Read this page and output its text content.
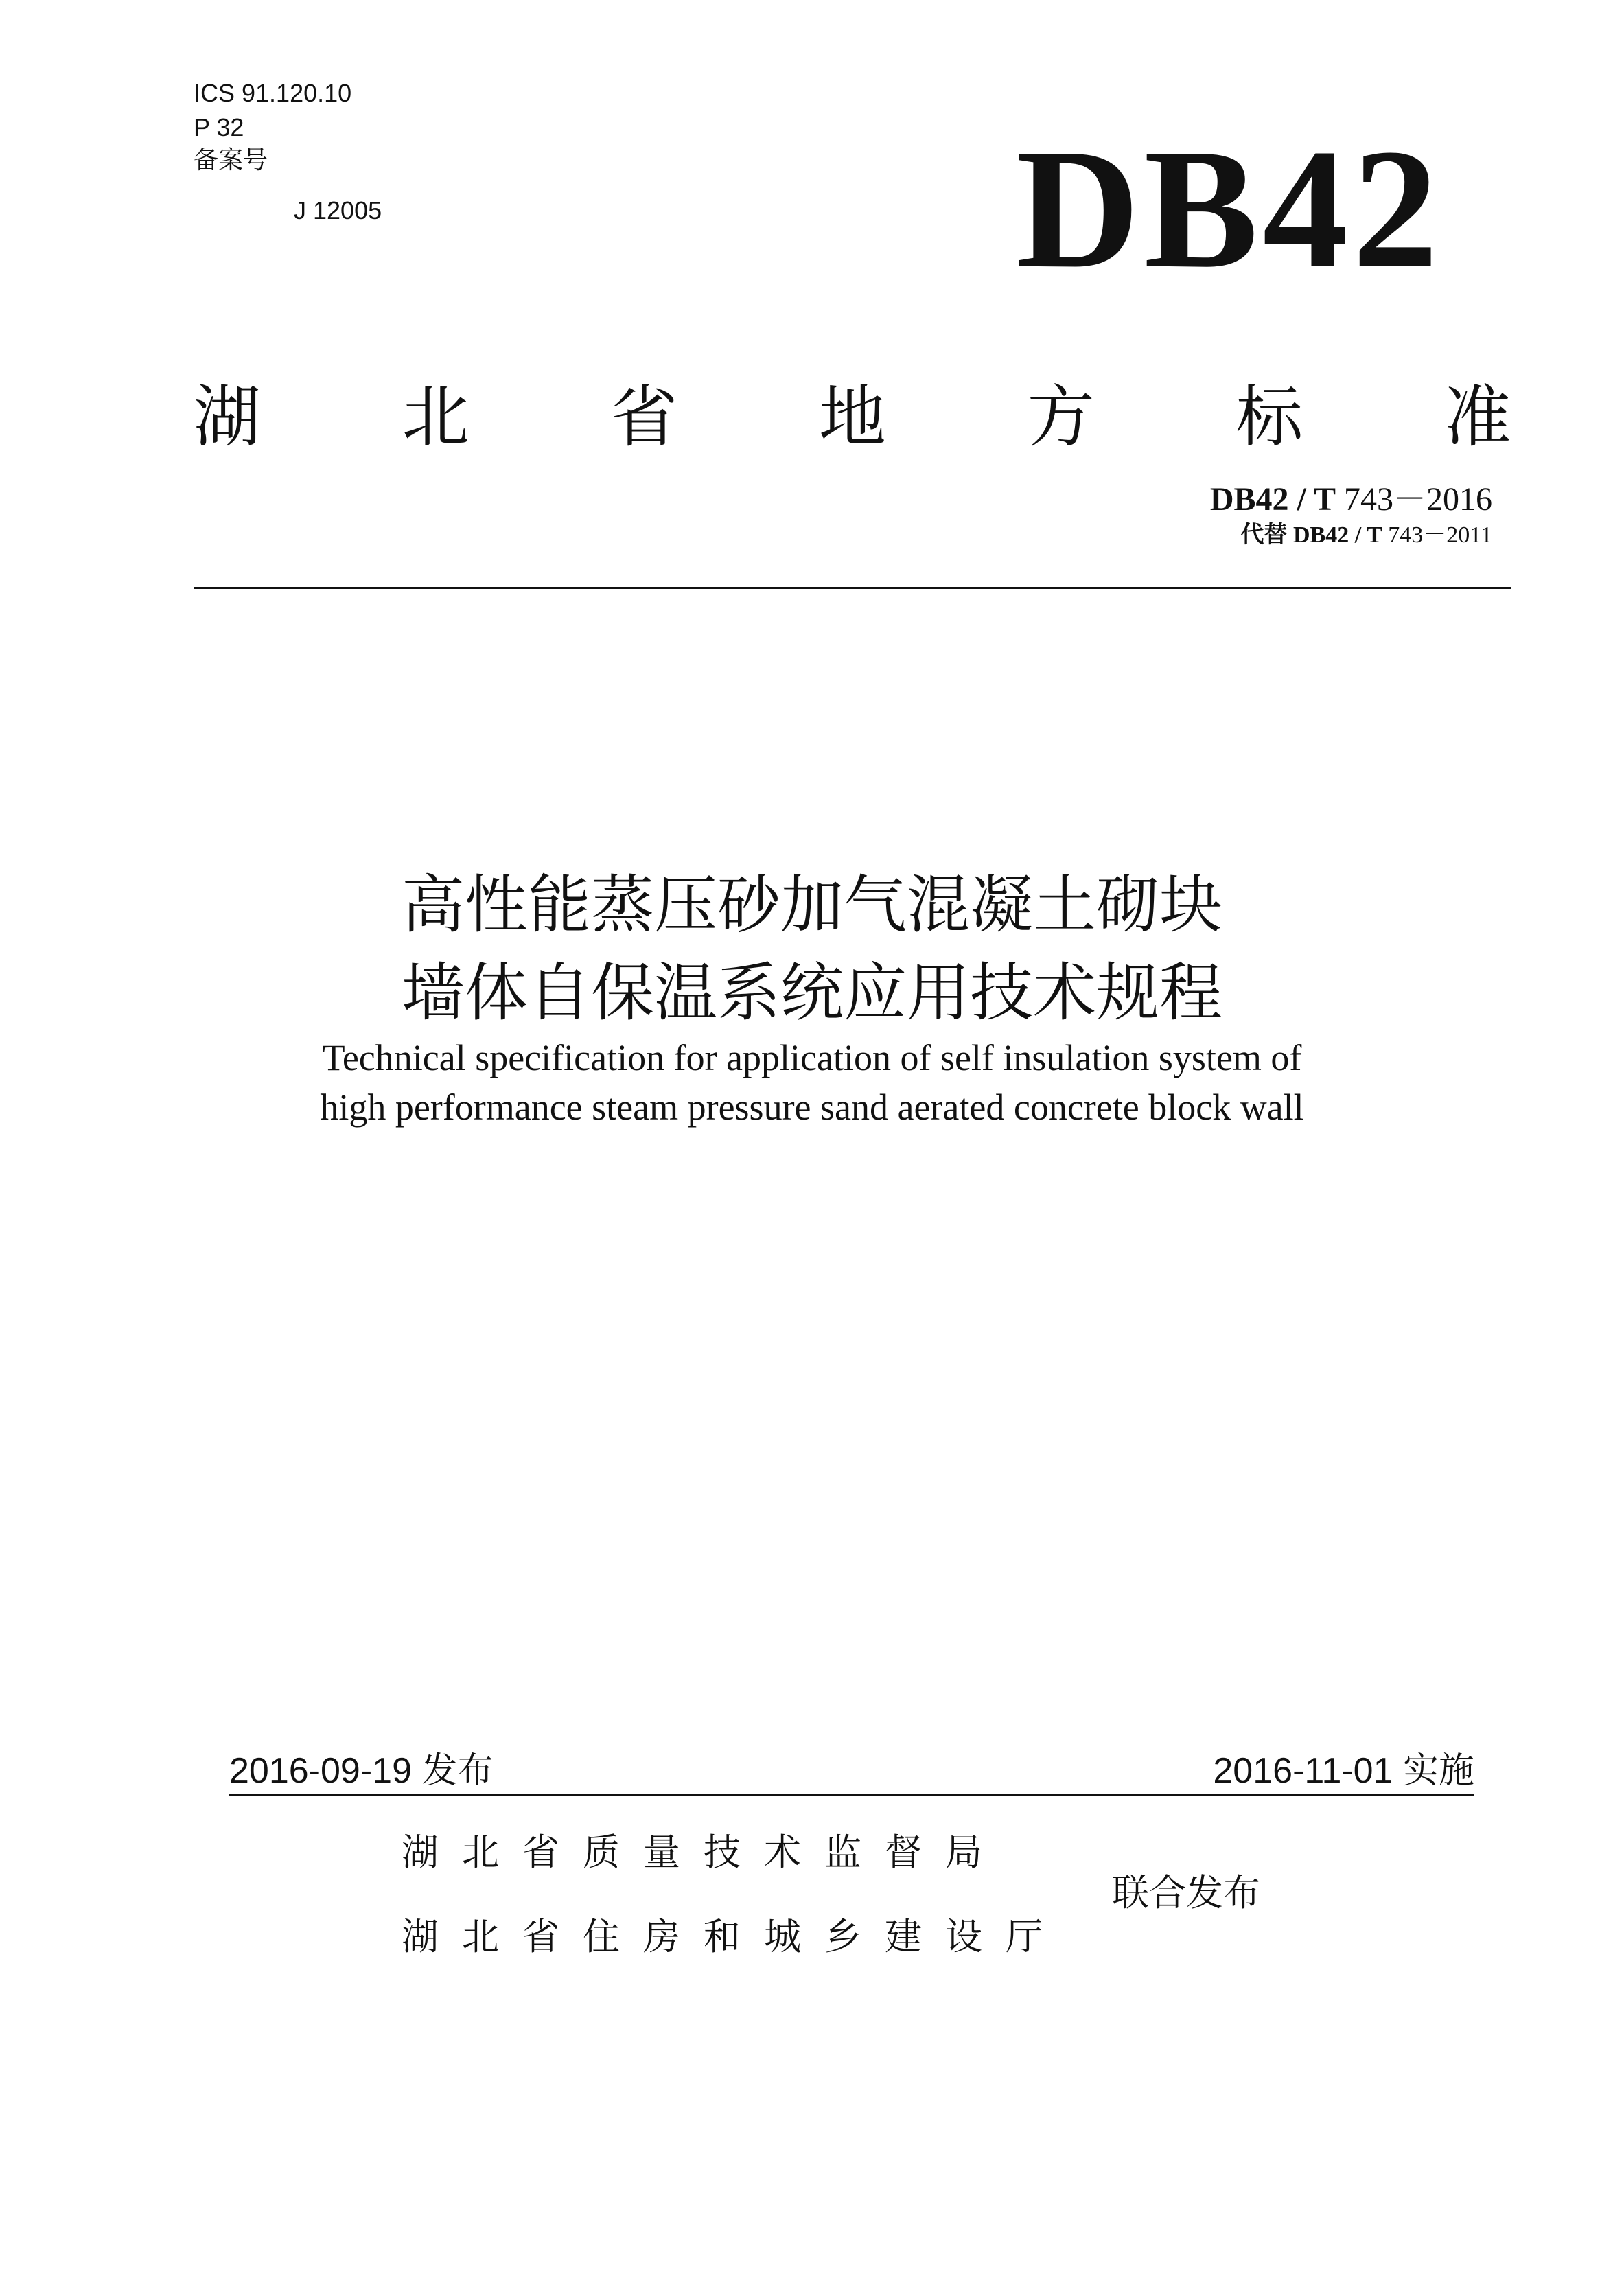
ICS 91.120.10
P 32
备案号
J 12005	DB42
湖 北 省 地 方 标 准
DB42 / T 743－2016
代替 DB42 / T 743－2011
高性能蒸压砂加气混凝土砌块
墙体自保温系统应用技术规程
Technical specification for application of self insulation system of
high performance steam pressure sand aerated concrete block wall
2016-09-19 发布	2016-11-01 实施
湖北省质量技术监督局
湖北省住房和城乡建设厅
联合发布
